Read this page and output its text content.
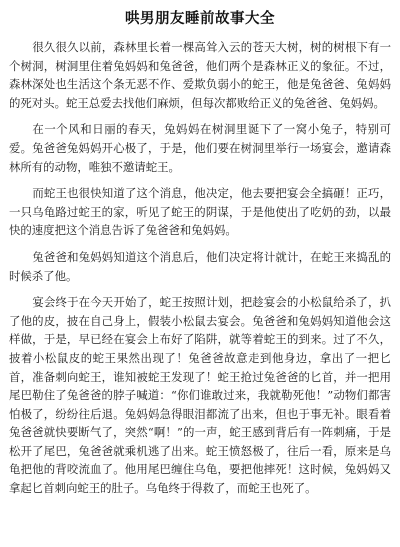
哄男朋友睡前故事大全

很久很久以前，森林里长着一棵高耸入云的苍天大树，树的树根下有一个树洞，树洞里住着兔妈妈和兔爸爸，他们两个是森林正义的象征。不过，森林深处也生活这个条无恶不作、爱欺负弱小的蛇王，他是兔爸爸、兔妈妈的死对头。蛇王总爱去找他们麻烦，但每次都败给正义的兔爸爸、兔妈妈。

在一个风和日丽的春天，兔妈妈在树洞里诞下了一窝小兔子，特别可爱。兔爸爸兔妈妈开心极了，于是，他们要在树洞里举行一场宴会，邀请森林所有的动物，唯独不邀请蛇王。

而蛇王也很快知道了这个消息，他决定，他去要把宴会全搞砸！正巧，一只乌龟路过蛇王的家，听见了蛇王的阴谋，于是他使出了吃奶的劲，以最快的速度把这个消息告诉了兔爸爸和兔妈妈。

兔爸爸和兔妈妈知道这个消息后，他们决定将计就计，在蛇王来捣乱的时候杀了他。

宴会终于在今天开始了，蛇王按照计划，把趁宴会的小松鼠给杀了，扒了他的皮，披在自己身上，假装小松鼠去宴会。兔爸爸和兔妈妈知道他会这样做，于是，早已经在宴会上布好了陷阱，就等着蛇王的到来。过了不久，披着小松鼠皮的蛇王果然出现了！兔爸爸故意走到他身边，拿出了一把匕首，准备刺向蛇王，谁知被蛇王发现了！蛇王抢过兔爸爸的匕首，并一把用尾巴勒住了兔爸爸的脖子喊道：“你们谁敢过来，我就勒死他！”动物们都害怕极了，纷纷往后退。兔妈妈急得眼泪都流了出来，但也于事无补。眼看着兔爸爸就快要断气了，突然“啊！”的一声，蛇王感到背后有一阵刺痛，于是松开了尾巴，兔爸爸就乘机逃了出来。蛇王愤怒极了，往后一看，原来是乌龟把他的背咬流血了。他用尾巴缠住乌龟，要把他摔死！这时候，兔妈妈又拿起匕首刺向蛇王的肚子。乌龟终于得救了，而蛇王也死了。
